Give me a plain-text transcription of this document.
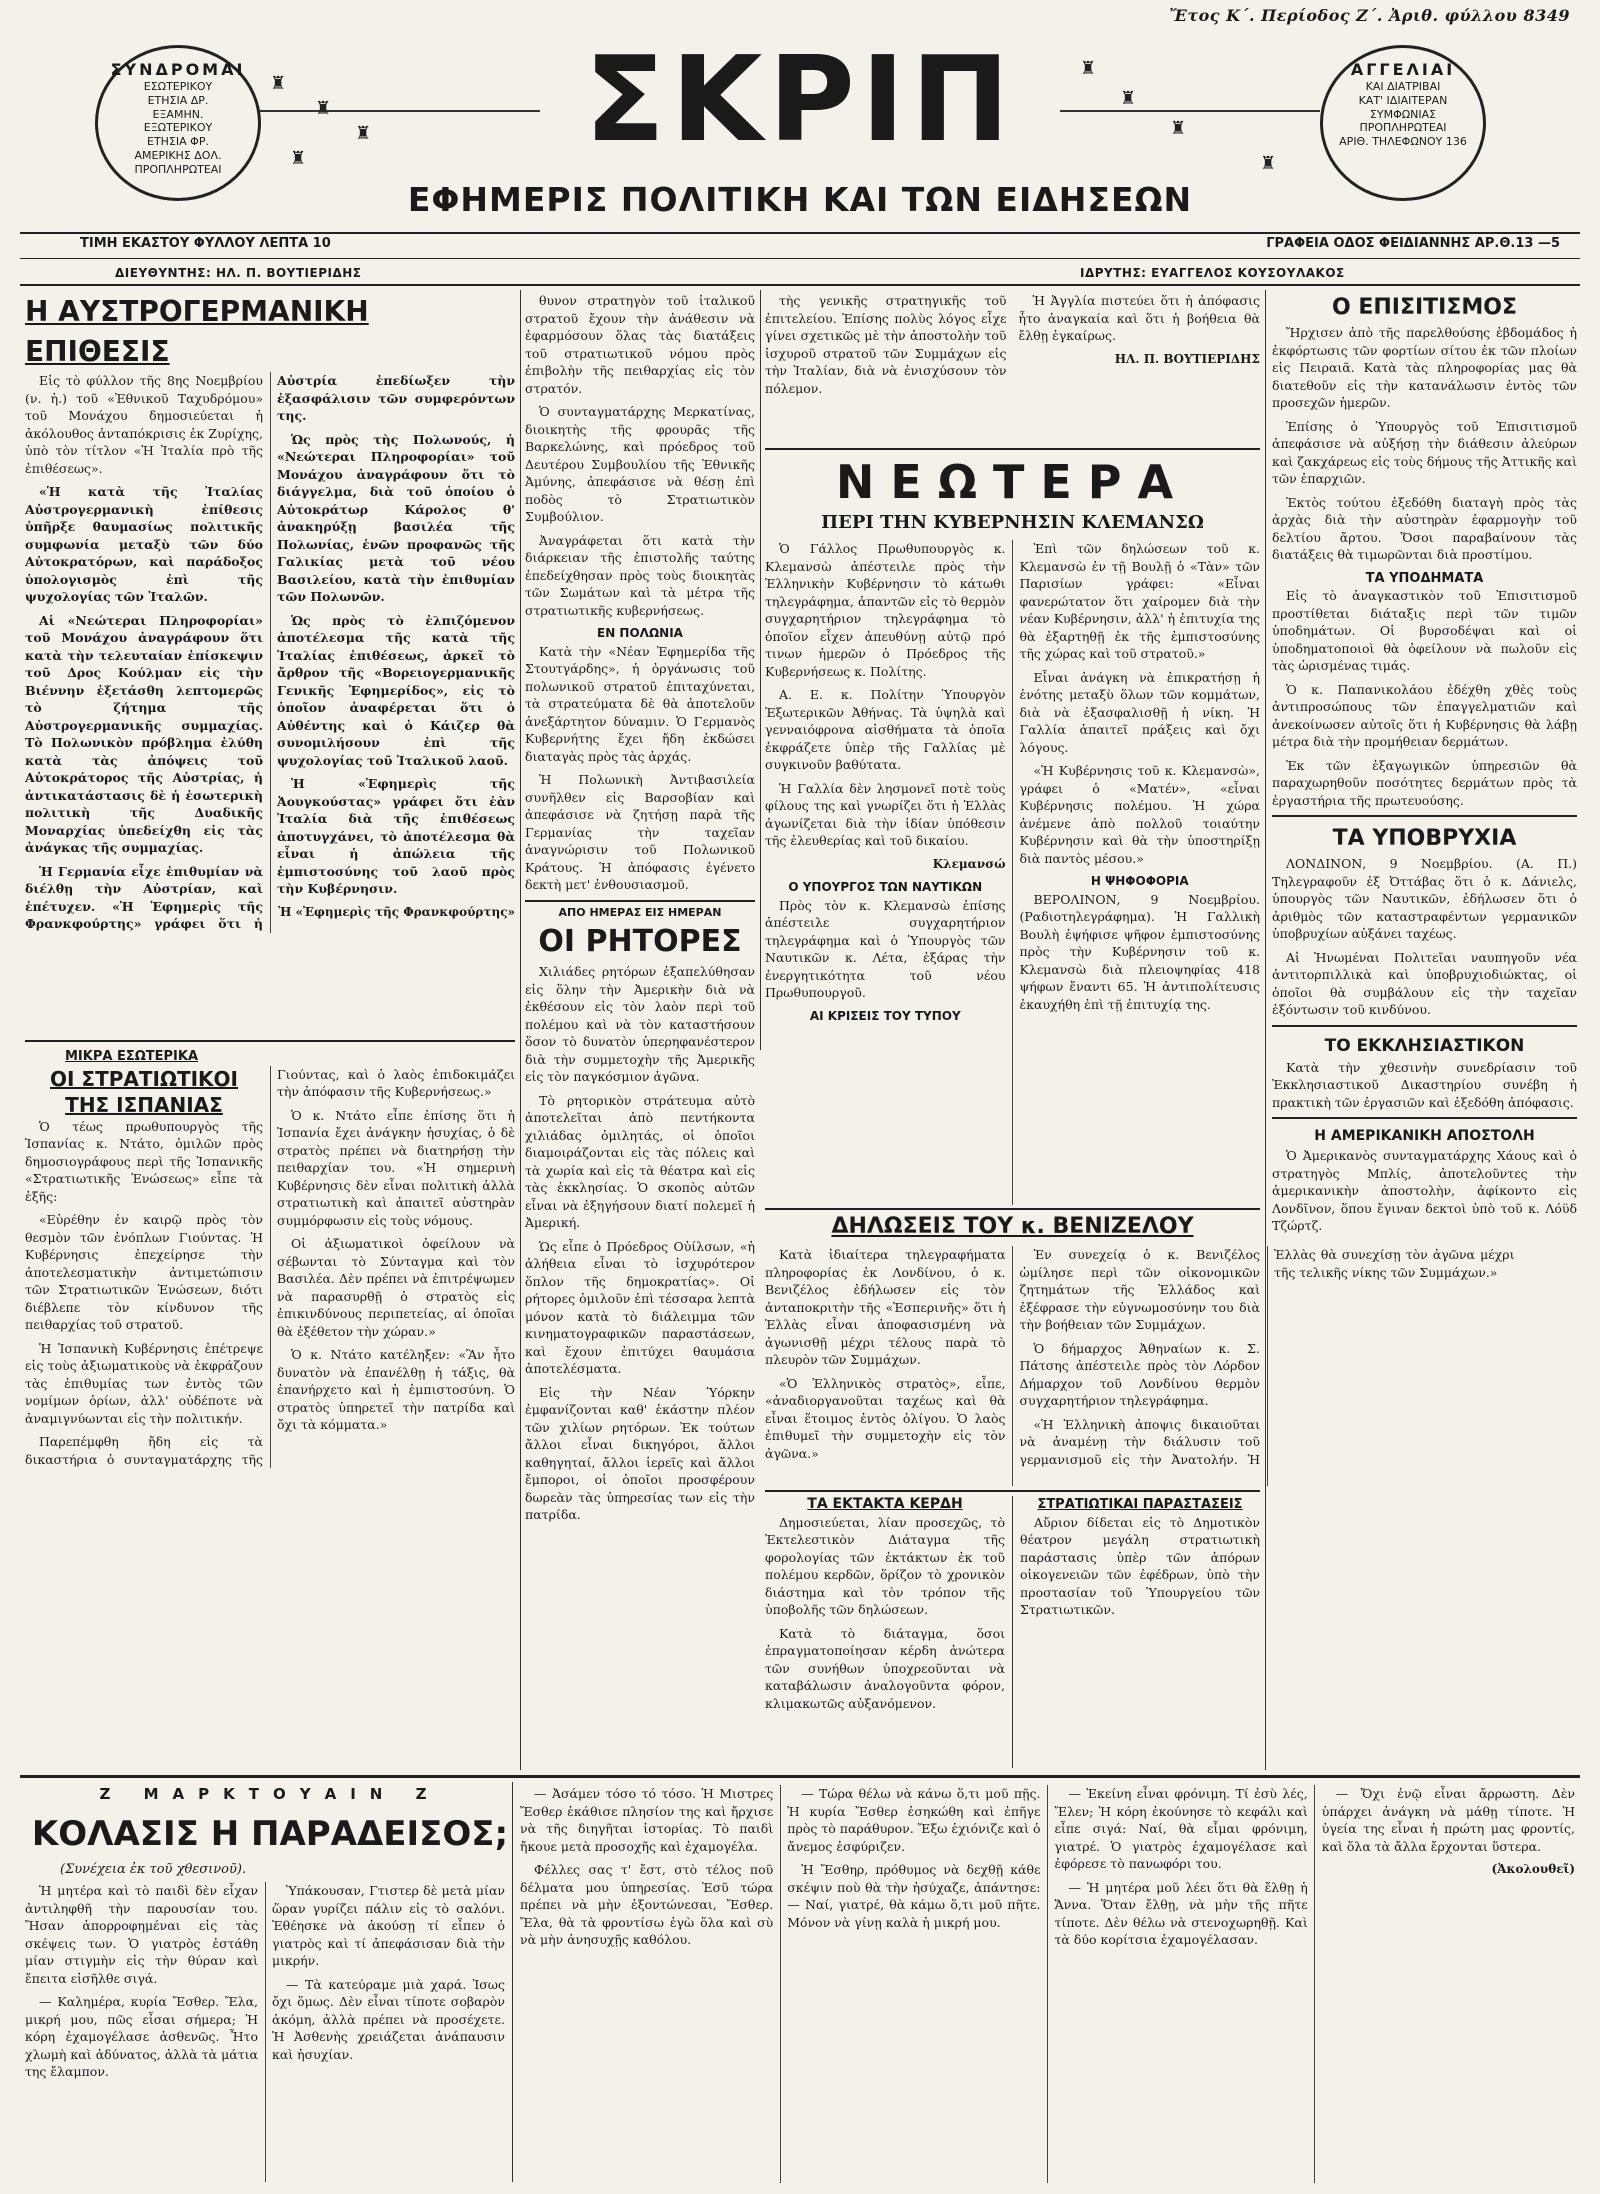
Ἔτος Κ΄. Περίοδος Ζ΄. Ἀριθ. φύλλου 8349
ΣΥΝΔΡΟΜΑΙ
ΕΣΩΤΕΡΙΚΟΥ
ΕΤΗΣΙΑ ΔΡ.
ΕΞΑΜΗΝ.
ΕΞΩΤΕΡΙΚΟΥ
ΕΤΗΣΙΑ ΦΡ.
ΑΜΕΡΙΚΗΣ ΔΟΛ.
ΠΡΟΠΛΗΡΩΤΕΑΙ
ΑΓΓΕΛΙΑΙ
ΚΑΙ ΔΙΑΤΡΙΒΑΙ
ΚΑΤ' ΙΔΙΑΙΤΕΡΑΝ
ΣΥΜΦΩΝΙΑΣ
ΠΡΟΠΛΗΡΩΤΕΑΙ
ΑΡΙΘ. ΤΗΛΕΦΩΝΟΥ 136
♜
♜
♜
♜
♜
♜
♜
♜
ΣΚΡΙΠ
ΕΦΗΜΕΡΙΣ ΠΟΛΙΤΙΚΗ ΚΑΙ ΤΩΝ ΕΙΔΗΣΕΩΝ
ΤΙΜΗ ΕΚΑΣΤΟΥ ΦΥΛΛΟΥ ΛΕΠΤΑ 10	ΓΡΑΦΕΙΑ ΟΔΟΣ ΦΕΙΔΙΑΝΝΗΣ ΑΡ.Θ.13 —5
ΔΙΕΥΘΥΝΤΗΣ: ΗΛ. Π. ΒΟΥΤΙΕΡΙΔΗΣ	ΙΔΡΥΤΗΣ: ΕΥΑΓΓΕΛΟΣ ΚΟΥΣΟΥΛΑΚΟΣ
Η ΑΥΣΤΡΟΓΕΡΜΑΝΙΚΗ ΕΠΙΘΕΣΙΣ

Εἰς τὸ φύλλον τῆς 8ης Νοεμβρίου (ν. ἡ.) τοῦ «Ἐθνικοῦ Ταχυδρόμου» τοῦ Μονάχου δημοσιεύεται ἡ ἀκόλουθος ἀνταπόκρισις ἐκ Ζυρίχης, ὑπὸ τὸν τίτλον «Ἡ Ἰταλία πρὸ τῆς ἐπιθέσεως».

«Ἡ κατὰ τῆς Ἰταλίας Αὐστρογερμανικὴ ἐπίθεσις ὑπῆρξε θαυμασίως πολιτικῆς συμφωνία μεταξὺ τῶν δύο Αὐτοκρατόρων, καὶ παράδοξος ὑπολογισμὸς ἐπὶ τῆς ψυχολογίας τῶν Ἰταλῶν.

Αἱ «Νεώτεραι Πληροφορίαι» τοῦ Μονάχου ἀναγράφουν ὅτι κατὰ τὴν τελευταίαν ἐπίσκεψιν τοῦ Δρος Κούλμαν εἰς τὴν Βιέννην ἐξετάσθη λεπτομερῶς τὸ ζήτημα τῆς Αὐστρογερμανικῆς συμμαχίας. Τὸ Πολωνικὸν πρόβλημα ἐλύθη κατὰ τὰς ἀπόψεις τοῦ Αὐτοκράτορος τῆς Αὐστρίας, ἡ ἀντικατάστασις δὲ ἡ ἐσωτερικὴ πολιτικὴ τῆς Δυαδικῆς Μοναρχίας ὑπεδείχθη εἰς τὰς ἀνάγκας τῆς συμμαχίας.

Ἡ Γερμανία εἶχε ἐπιθυμίαν νὰ διέλθῃ τὴν Αὐστρίαν, καὶ ἐπέτυχεν. «Ἡ Ἐφημερὶς τῆς Φρανκφούρτης» γράφει ὅτι ἡ Αὐστρία ἐπεδίωξεν τὴν ἐξασφάλισιν τῶν συμφερόντων της.

Ὡς πρὸς τὴς Πολωνούς, ἡ «Νεώτεραι Πληροφορίαι» τοῦ Μονάχου ἀναγράφουν ὅτι τὸ διάγγελμα, διὰ τοῦ ὁποίου ὁ Αὐτοκράτωρ Κάρολος θ' ἀνακηρύξῃ βασιλέα τῆς Πολωνίας, ἑνῶν προφανῶς τῆς Γαλικίας μετὰ τοῦ νέου Βασιλείου, κατὰ τὴν ἐπιθυμίαν τῶν Πολωνῶν.

Ὡς πρὸς τὸ ἐλπιζόμενον ἀποτέλεσμα τῆς κατὰ τῆς Ἰταλίας ἐπιθέσεως, ἀρκεῖ τὸ ἄρθρον τῆς «Βορειογερμανικῆς Γενικῆς Ἐφημερίδος», εἰς τὸ ὁποῖον ἀναφέρεται ὅτι ὁ Αὐθέντης καὶ ὁ Κάιζερ θὰ συνομιλήσουν ἐπὶ τῆς ψυχολογίας τοῦ Ἰταλικοῦ λαοῦ.

Ἡ «Ἐφημερὶς τῆς Ἀουγκούστας» γράφει ὅτι ἐὰν Ἰταλία διὰ τῆς ἐπιθέσεως ἀποτυγχάνει, τὸ ἀποτέλεσμα θὰ εἶναι ἡ ἀπώλεια τῆς ἐμπιστοσύνης τοῦ λαοῦ πρὸς τὴν Κυβέρνησιν.

Ἡ «Ἐφημερὶς τῆς Φρανκφούρτης»
ΜΙΚΡΑ ΕΣΩΤΕΡΙΚΑ
ΟΙ ΣΤΡΑΤΙΩΤΙΚΟΙ ΤΗΣ ΙΣΠΑΝΙΑΣ

Ὁ τέως πρωθυπουργὸς τῆς Ἱσπανίας κ. Ντάτο, ὁμιλῶν πρὸς δημοσιογράφους περὶ τῆς Ἱσπανικῆς «Στρατιωτικῆς Ἑνώσεως» εἶπε τὰ ἑξῆς:

«Εὑρέθην ἐν καιρῷ πρὸς τὸν θεσμὸν τῶν ἐνόπλων Γιούντας. Ἡ Κυβέρνησις ἐπεχείρησε τὴν ἀποτελεσματικὴν ἀντιμετώπισιν τῶν Στρατιωτικῶν Ἑνώσεων, διότι διέβλεπε τὸν κίνδυνον τῆς πειθαρχίας τοῦ στρατοῦ.

Ἡ Ἱσπανικὴ Κυβέρνησις ἐπέτρεψε εἰς τοὺς ἀξιωματικοὺς νὰ ἐκφράζουν τὰς ἐπιθυμίας των ἐντὸς τῶν νομίμων ὁρίων, ἀλλ' οὐδέποτε νὰ ἀναμιγνύωνται εἰς τὴν πολιτικήν.

Παρεπέμφθη ἤδη εἰς τὰ δικαστήρια ὁ συνταγματάρχης τῆς Γιούντας, καὶ ὁ λαὸς ἐπιδοκιμάζει τὴν ἀπόφασιν τῆς Κυβερνήσεως.»

Ὁ κ. Ντάτο εἶπε ἐπίσης ὅτι ἡ Ἱσπανία ἔχει ἀνάγκην ἡσυχίας, ὁ δὲ στρατὸς πρέπει νὰ διατηρήσῃ τὴν πειθαρχίαν του. «Ἡ σημερινὴ Κυβέρνησις δὲν εἶναι πολιτικὴ ἀλλὰ στρατιωτικὴ καὶ ἀπαιτεῖ αὐστηρὰν συμμόρφωσιν εἰς τοὺς νόμους.

Οἱ ἀξιωματικοὶ ὀφείλουν νὰ σέβωνται τὸ Σύνταγμα καὶ τὸν Βασιλέα. Δὲν πρέπει νὰ ἐπιτρέψωμεν νὰ παρασυρθῇ ὁ στρατὸς εἰς ἐπικινδύνους περιπετείας, αἱ ὁποῖαι θὰ ἐξέθετον τὴν χώραν.»

Ὁ κ. Ντάτο κατέληξεν: «Ἂν ἦτο δυνατὸν νὰ ἐπανέλθῃ ἡ τάξις, θὰ ἐπανήρχετο καὶ ἡ ἐμπιστοσύνη. Ὁ στρατὸς ὑπηρετεῖ τὴν πατρίδα καὶ ὄχι τὰ κόμματα.»

θυνον στρατηγὸν τοῦ ἰταλικοῦ στρατοῦ ἔχουν τὴν ἀνάθεσιν νὰ ἐφαρμόσουν ὅλας τὰς διατάξεις τοῦ στρατιωτικοῦ νόμου πρὸς ἐπιβολὴν τῆς πειθαρχίας εἰς τὸν στρατόν.

Ὁ συνταγματάρχης Μερκατίνας, διοικητὴς τῆς φρουρᾶς τῆς Βαρκελώνης, καὶ πρόεδρος τοῦ Δευτέρου Συμβουλίου τῆς Ἐθνικῆς Ἀμύνης, ἀπεφάσισε νὰ θέσῃ ἐπὶ ποδὸς τὸ Στρατιωτικὸν Συμβούλιον.

Ἀναγράφεται ὅτι κατὰ τὴν διάρκειαν τῆς ἐπιστολῆς ταύτης ἐπεδείχθησαν πρὸς τοὺς διοικητὰς τῶν Σωμάτων καὶ τὰ μέτρα τῆς στρατιωτικῆς κυβερνήσεως.

ΕΝ ΠΟΛΩΝΙΑ

Κατὰ τὴν «Νέαν Ἐφημερίδα τῆς Στουτγάρδης», ἡ ὀργάνωσις τοῦ πολωνικοῦ στρατοῦ ἐπιταχύνεται, τὰ στρατεύματα δὲ θὰ ἀποτελοῦν ἀνεξάρτητον δύναμιν. Ὁ Γερμανὸς Κυβερνήτης ἔχει ἤδη ἐκδώσει διαταγὰς πρὸς τὰς ἀρχάς.

Ἡ Πολωνικὴ Ἀντιβασιλεία συνῆλθεν εἰς Βαρσοβίαν καὶ ἀπεφάσισε νὰ ζητήσῃ παρὰ τῆς Γερμανίας τὴν ταχεῖαν ἀναγνώρισιν τοῦ Πολωνικοῦ Κράτους. Ἡ ἀπόφασις ἐγένετο δεκτὴ μετ' ἐνθουσιασμοῦ.

ΑΠΟ ΗΜΕΡΑΣ ΕΙΣ ΗΜΕΡΑΝ
ΟΙ ΡΗΤΟΡΕΣ

Χιλιάδες ρητόρων ἐξαπελύθησαν εἰς ὅλην τὴν Ἀμερικὴν διὰ νὰ ἐκθέσουν εἰς τὸν λαὸν περὶ τοῦ πολέμου καὶ νὰ τὸν καταστήσουν ὅσον τὸ δυνατὸν ὑπερηφανέστερον διὰ τὴν συμμετοχὴν τῆς Ἀμερικῆς εἰς τὸν παγκόσμιον ἀγῶνα.

Τὸ ρητορικὸν στράτευμα αὐτὸ ἀποτελεῖται ἀπὸ πεντήκοντα χιλιάδας ὀμιλητάς, οἱ ὁποῖοι διαμοιράζονται εἰς τὰς πόλεις καὶ τὰ χωρία καὶ εἰς τὰ θέατρα καὶ εἰς τὰς ἐκκλησίας. Ὁ σκοπὸς αὐτῶν εἶναι νὰ ἐξηγήσουν διατί πολεμεῖ ἡ Ἀμερική.

Ὡς εἶπε ὁ Πρόεδρος Οὐίλσων, «ἡ ἀλήθεια εἶναι τὸ ἰσχυρότερον ὅπλον τῆς δημοκρατίας». Οἱ ρήτορες ὁμιλοῦν ἐπὶ τέσσαρα λεπτὰ μόνον κατὰ τὸ διάλειμμα τῶν κινηματογραφικῶν παραστάσεων, καὶ ἔχουν ἐπιτύχει θαυμάσια ἀποτελέσματα.

Εἰς τὴν Νέαν Ὑόρκην ἐμφανίζονται καθ' ἑκάστην πλέον τῶν χιλίων ρητόρων. Ἐκ τούτων ἄλλοι εἶναι δικηγόροι, ἄλλοι καθηγηταί, ἄλλοι ἱερεῖς καὶ ἄλλοι ἔμποροι, οἱ ὁποῖοι προσφέρουν δωρεὰν τὰς ὑπηρεσίας των εἰς τὴν πατρίδα.

τὴς γενικῆς στρατηγικῆς τοῦ ἐπιτελείου. Ἐπίσης πολὺς λόγος εἶχε γίνει σχετικῶς μὲ τὴν ἀποστολὴν τοῦ ἰσχυροῦ στρατοῦ τῶν Συμμάχων εἰς τὴν Ἰταλίαν, διὰ νὰ ἐνισχύσουν τὸν πόλεμον.

Ἡ Ἀγγλία πιστεύει ὅτι ἡ ἀπόφασις ἦτο ἀναγκαία καὶ ὅτι ἡ βοήθεια θὰ ἔλθῃ ἐγκαίρως.

ΗΛ. Π. ΒΟΥΤΙΕΡΙΔΗΣ
ΝΕΩΤΕΡΑ
ΠΕΡΙ ΤΗΝ ΚΥΒΕΡΝΗΣΙΝ ΚΛΕΜΑΝΣΩ

Ὁ Γάλλος Πρωθυπουργὸς κ. Κλεμανσὼ ἀπέστειλε πρὸς τὴν Ἑλληνικὴν Κυβέρνησιν τὸ κάτωθι τηλεγράφημα, ἀπαντῶν εἰς τὸ θερμὸν συγχαρητήριον τηλεγράφημα τὸ ὁποῖον εἶχεν ἀπευθύνῃ αὐτῷ πρό τινων ἡμερῶν ὁ Πρόεδρος τῆς Κυβερνήσεως κ. Πολίτης.

Α. Ε. κ. Πολίτην Ὑπουργὸν Ἐξωτερικῶν Ἀθήνας. Τὰ ὑψηλὰ καὶ γενναιόφρονα αἰσθήματα τὰ ὁποῖα ἐκφράζετε ὑπὲρ τῆς Γαλλίας μὲ συγκινοῦν βαθύτατα.

Ἡ Γαλλία δὲν λησμονεῖ ποτὲ τοὺς φίλους της καὶ γνωρίζει ὅτι ἡ Ἑλλὰς ἀγωνίζεται διὰ τὴν ἰδίαν ὑπόθεσιν τῆς ἐλευθερίας καὶ τοῦ δικαίου.

Κλεμανσώ
Ο ΥΠΟΥΡΓΟΣ ΤΩΝ ΝΑΥΤΙΚΩΝ

Πρὸς τὸν κ. Κλεμανσὼ ἐπίσης ἀπέστειλε συγχαρητήριον τηλεγράφημα καὶ ὁ Ὑπουργὸς τῶν Ναυτικῶν κ. Λέτα, ἐξάρας τὴν ἐνεργητικότητα τοῦ νέου Πρωθυπουργοῦ.

ΑΙ ΚΡΙΣΕΙΣ ΤΟΥ ΤΥΠΟΥ

Ἐπὶ τῶν δηλώσεων τοῦ κ. Κλεμανσὼ ἐν τῇ Βουλῇ ὁ «Τὰν» τῶν Παρισίων γράφει: «Εἶναι φανερώτατον ὅτι χαίρομεν διὰ τὴν νέαν Κυβέρνησιν, ἀλλ' ἡ ἐπιτυχία της θὰ ἐξαρτηθῇ ἐκ τῆς ἐμπιστοσύνης τῆς χώρας καὶ τοῦ στρατοῦ.»

Εἶναι ἀνάγκη νὰ ἐπικρατήσῃ ἡ ἑνότης μεταξὺ ὅλων τῶν κομμάτων, διὰ νὰ ἐξασφαλισθῇ ἡ νίκη. Ἡ Γαλλία ἀπαιτεῖ πράξεις καὶ ὄχι λόγους.

«Ἡ Κυβέρνησις τοῦ κ. Κλεμανσὼ», γράφει ὁ «Ματέν», «εἶναι Κυβέρνησις πολέμου. Ἡ χώρα ἀνέμενε ἀπὸ πολλοῦ τοιαύτην Κυβέρνησιν καὶ θὰ τὴν ὑποστηρίξῃ διὰ παντὸς μέσου.»

Η ΨΗΦΟΦΟΡΙΑ

ΒΕΡΟΛΙΝΟΝ, 9 Νοεμβρίου. (Ραδιοτηλεγράφημα). Ἡ Γαλλικὴ Βουλὴ ἐψήφισε ψῆφον ἐμπιστοσύνης πρὸς τὴν Κυβέρνησιν τοῦ κ. Κλεμανσὼ διὰ πλειοψηφίας 418 ψήφων ἔναντι 65. Ἡ ἀντιπολίτευσις ἐκαυχήθη ἐπὶ τῇ ἐπιτυχίᾳ της.

ΔΗΛΩΣΕΙΣ ΤΟΥ κ. ΒΕΝΙΖΕΛΟΥ

Κατὰ ἰδιαίτερα τηλεγραφήματα πληροφορίας ἐκ Λονδίνου, ὁ κ. Βενιζέλος ἐδήλωσεν εἰς τὸν ἀνταποκριτὴν τῆς «Ἑσπερινῆς» ὅτι ἡ Ἑλλὰς εἶναι ἀποφασισμένη νὰ ἀγωνισθῇ μέχρι τέλους παρὰ τὸ πλευρὸν τῶν Συμμάχων.

«Ὁ Ἑλληνικὸς στρατὸς», εἶπε, «ἀναδιοργανοῦται ταχέως καὶ θὰ εἶναι ἕτοιμος ἐντὸς ὀλίγου. Ὁ λαὸς ἐπιθυμεῖ τὴν συμμετοχὴν εἰς τὸν ἀγῶνα.»

Ἐν συνεχείᾳ ὁ κ. Βενιζέλος ὡμίλησε περὶ τῶν οἰκονομικῶν ζητημάτων τῆς Ἑλλάδος καὶ ἐξέφρασε τὴν εὐγνωμοσύνην του διὰ τὴν βοήθειαν τῶν Συμμάχων.

Ὁ δήμαρχος Ἀθηναίων κ. Σ. Πάτσης ἀπέστειλε πρὸς τὸν Λόρδον Δήμαρχον τοῦ Λονδίνου θερμὸν συγχαρητήριον τηλεγράφημα.

«Ἡ Ἑλληνικὴ ἀποψις δικαιοῦται νὰ ἀναμένῃ τὴν διάλυσιν τοῦ γερμανισμοῦ εἰς τὴν Ἀνατολήν. Ἡ Ἑλλὰς θὰ συνεχίσῃ τὸν ἀγῶνα μέχρι τῆς τελικῆς νίκης τῶν Συμμάχων.»

ΤΑ ΕΚΤΑΚΤΑ ΚΕΡΔΗ

Δημοσιεύεται, λίαν προσεχῶς, τὸ Ἐκτελεστικὸν Διάταγμα τῆς φορολογίας τῶν ἐκτάκτων ἐκ τοῦ πολέμου κερδῶν, ὅρίζον τὸ χρονικὸν διάστημα καὶ τὸν τρόπον τῆς ὑποβολῆς τῶν δηλώσεων.

Κατὰ τὸ διάταγμα, ὅσοι ἐπραγματοποίησαν κέρδη ἀνώτερα τῶν συνήθων ὑποχρεοῦνται νὰ καταβάλωσιν ἀναλογοῦντα φόρον, κλιμακωτῶς αὐξανόμενον.

ΣΤΡΑΤΙΩΤΙΚΑΙ ΠΑΡΑΣΤΑΣΕΙΣ

Αὔριον δίδεται εἰς τὸ Δημοτικὸν θέατρον μεγάλη στρατιωτικὴ παράστασις ὑπὲρ τῶν ἀπόρων οἰκογενειῶν τῶν ἐφέδρων, ὑπὸ τὴν προστασίαν τοῦ Ὑπουργείου τῶν Στρατιωτικῶν.

Ο ΕΠΙΣΙΤΙΣΜΟΣ

Ἤρχισεν ἀπὸ τῆς παρελθούσης ἑβδομάδος ἡ ἐκφόρτωσις τῶν φορτίων σίτου ἐκ τῶν πλοίων εἰς Πειραιᾶ. Κατὰ τὰς πληροφορίας μας θὰ διατεθοῦν εἰς τὴν κατανάλωσιν ἐντὸς τῶν προσεχῶν ἡμερῶν.

Ἐπίσης ὁ Ὑπουργὸς τοῦ Ἐπισιτισμοῦ ἀπεφάσισε νὰ αὐξήσῃ τὴν διάθεσιν ἀλεύρων καὶ ζακχάρεως εἰς τοὺς δήμους τῆς Ἀττικῆς καὶ τῶν ἐπαρχιῶν.

Ἐκτὸς τούτου ἐξεδόθη διαταγὴ πρὸς τὰς ἀρχὰς διὰ τὴν αὐστηρὰν ἐφαρμογὴν τοῦ δελτίου ἄρτου. Ὅσοι παραβαίνουν τὰς διατάξεις θὰ τιμωρῶνται διὰ προστίμου.

ΤΑ ΥΠΟΔΗΜΑΤΑ

Εἰς τὸ ἀναγκαστικὸν τοῦ Ἐπισιτισμοῦ προστίθεται διάταξις περὶ τῶν τιμῶν ὑποδημάτων. Οἱ βυρσοδέψαι καὶ οἱ ὑποδηματοποιοὶ θὰ ὀφείλουν νὰ πωλοῦν εἰς τὰς ὡρισμένας τιμάς.

Ὁ κ. Παπανικολάου ἐδέχθη χθὲς τοὺς ἀντιπροσώπους τῶν ἐπαγγελματιῶν καὶ ἀνεκοίνωσεν αὐτοῖς ὅτι ἡ Κυβέρνησις θὰ λάβῃ μέτρα διὰ τὴν προμήθειαν δερμάτων.

Ἐκ τῶν ἐξαγωγικῶν ὑπηρεσιῶν θὰ παραχωρηθοῦν ποσότητες δερμάτων πρὸς τὰ ἐργαστήρια τῆς πρωτευούσης.

ΤΑ ΥΠΟΒΡΥΧΙΑ

ΛΟΝΔΙΝΟΝ, 9 Νοεμβρίου. (Α. Π.) Τηλεγραφοῦν ἐξ Ὀττάβας ὅτι ὁ κ. Δάνιελς, ὑπουργὸς τῶν Ναυτικῶν, ἐδήλωσεν ὅτι ὁ ἀριθμὸς τῶν καταστραφέντων γερμανικῶν ὑποβρυχίων αὐξάνει ταχέως.

Αἱ Ἠνωμέναι Πολιτεῖαι ναυπηγοῦν νέα ἀντιτορπιλλικὰ καὶ ὑποβρυχιοδιώκτας, οἱ ὁποῖοι θὰ συμβάλουν εἰς τὴν ταχεῖαν ἐξόντωσιν τοῦ κινδύνου.

ΤΟ ΕΚΚΛΗΣΙΑΣΤΙΚΟΝ

Κατὰ τὴν χθεσινὴν συνεδρίασιν τοῦ Ἐκκλησιαστικοῦ Δικαστηρίου συνέβη ἡ πρακτικὴ τῶν ἐργασιῶν καὶ ἐξεδόθη ἀπόφασις.

Η ΑΜΕΡΙΚΑΝΙΚΗ ΑΠΟΣΤΟΛΗ

Ὁ Ἀμερικανὸς συνταγματάρχης Χάους καὶ ὁ στρατηγὸς Μπλίς, ἀποτελοῦντες τὴν ἀμερικανικὴν ἀποστολὴν, ἀφίκοντο εἰς Λονδῖνον, ὅπου ἔγιναν δεκτοὶ ὑπὸ τοῦ κ. Λόϋδ Τζώρτζ.

Ζ ΜΑΡΚΤΟΥΑΙΝ Ζ
ΚΟΛΑΣΙΣ Η ΠΑΡΑΔΕΙΣΟΣ;
(Συνέχεια ἐκ τοῦ χθεσινοῦ).

Ἡ μητέρα καὶ τὸ παιδὶ δὲν εἶχαν ἀντιληφθῆ τὴν παρουσίαν του. Ἤσαν ἀπορροφημέναι εἰς τὰς σκέψεις των. Ὁ γιατρὸς ἐστάθη μίαν στιγμὴν εἰς τὴν θύραν καὶ ἔπειτα εἰσῆλθε σιγά.

— Καλημέρα, κυρία Ἔσθερ. Ἔλα, μικρή μου, πῶς εἶσαι σήμερα; Ἡ κόρη ἐχαμογέλασε ἀσθενῶς. Ἦτο χλωμὴ καὶ ἀδύνατος, ἀλλὰ τὰ μάτια της ἔλαμπον.

Ὑπάκουσαν, Γτιστερ δὲ μετὰ μίαν ὥραν γυρίζει πάλιν εἰς τὸ σαλόνι. Ἐθέησκε νὰ ἀκούσῃ τί εἶπεν ὁ γιατρὸς καὶ τί ἀπεφάσισαν διὰ τὴν μικρήν.

— Τὰ κατεύραμε μιὰ χαρά. Ἰσως ὄχι ὅμως. Δὲν εἶναι τίποτε σοβαρὸν ἀκόμη, ἀλλὰ πρέπει νὰ προσέχετε. Ἡ Ἀσθενὴς χρειάζεται ἀνάπαυσιν καὶ ἡσυχίαν.

— Ἀσάμεν τόσο τό τόσο. Ἡ Μιστρες Ἔσθερ ἐκάθισε πλησίον της καὶ ἤρχισε νὰ τῆς διηγῆται ἱστορίας. Τὸ παιδὶ ἤκουε μετὰ προσοχῆς καὶ ἐχαμογέλα.

Φέλλες σας τ' ἔστ, στὸ τέλος ποῦ δέλματα μου ὑπηρεσίας. Ἐσῦ τώρα πρέπει νὰ μὴν ἐξοντώνεσαι, Ἔσθερ. Ἔλα, θὰ τὰ φροντίσω ἐγὼ ὅλα καὶ σὺ νὰ μὴν ἀνησυχῇς καθόλου.

— Τώρα θέλω νὰ κάνω ὅ,τι μοῦ πῇς. Ἡ κυρία Ἔσθερ ἐσηκώθη καὶ ἐπῆγε πρὸς τὸ παράθυρον. Ἔξω ἐχιόνιζε καὶ ὁ ἄνεμος ἐσφύριζεν.

Ἡ Ἔσθηρ, πρόθυμος νὰ δεχθῇ κάθε σκέψιν ποὺ θὰ τὴν ἡσύχαζε, ἀπάντησε: — Ναί, γιατρέ, θὰ κάμω ὅ,τι μοῦ πῆτε. Μόνον νὰ γίνῃ καλὰ ἡ μικρή μου.

— Ἐκείνη εἶναι φρόνιμη. Τί ἐσὺ λές, Ἔλεν; Ἡ κόρη ἐκούνησε τὸ κεφάλι καὶ εἶπε σιγά: Ναί, θὰ εἶμαι φρόνιμη, γιατρέ. Ὁ γιατρὸς ἐχαμογέλασε καὶ ἐφόρεσε τὸ πανωφόρι του.

— Ἡ μητέρα μοῦ λέει ὅτι θὰ ἔλθῃ ἡ Ἄννα. Ὅταν ἔλθῃ, νὰ μὴν τῆς πῆτε τίποτε. Δὲν θέλω νὰ στενοχωρηθῇ. Καὶ τὰ δύο κορίτσια ἐχαμογέλασαν.

— Ὄχι ἐνῷ εἶναι ἄρρωστη. Δὲν ὑπάρχει ἀνάγκη νὰ μάθῃ τίποτε. Ἡ ὑγεία της εἶναι ἡ πρώτη μας φροντίς, καὶ ὅλα τὰ ἄλλα ἔρχονται ὕστερα.

(Ἀκολουθεῖ)
